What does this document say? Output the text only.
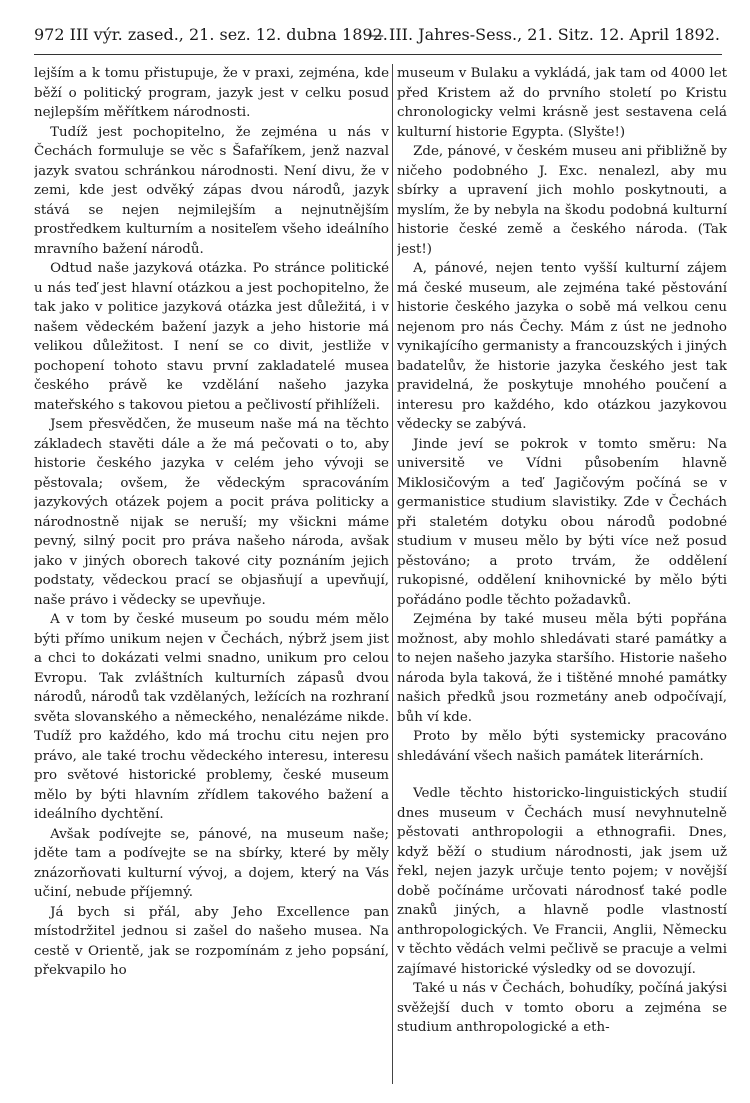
972 III výr. zased., 21. sez. 12. dubna 1892.
— III. Jahres-Sess., 21. Sitz. 12. April 1892.

lejším a k tomu přistupuje, že v praxi, zejména, kde běží o politický program, jazyk jest v celku posud nejlepším měřítkem národnosti.

Tudíž jest pochopitelno, že zejména u nás v Čechách formuluje se věc s Šafaříkem, jenž nazval jazyk svatou schránkou národnosti. Není divu, že v zemi, kde jest odvěký zápas dvou národů, jazyk stává se nejen nejmilejším a nejnutnějším prostředkem kulturním a nositeľem všeho ideálního mravního bažení národů.

Odtud naše jazyková otázka. Po stránce politické u nás teď jest hlavní otázkou a jest pochopitelno, že tak jako v politice jazyková otázka jest důležitá, i v našem vědeckém bažení jazyk a jeho historie má velikou důležitost. I není se co divit, jestliže v pochopení tohoto stavu první zakladatelé musea českého právě ke vzdělání našeho jazyka mateřského s takovou pietou a pečlivostí přihlíželi.

Jsem přesvědčen, že museum naše má na těchto základech stavěti dále a že má pečovati o to, aby historie českého jazyka v celém jeho vývoji se pěstovala; ovšem, že vědeckým spracováním jazykových otázek pojem a pocit práva politicky a národnostně nijak se neruší; my všickni máme pevný, silný pocit pro práva našeho národa, avšak jako v jiných oborech takové city poznáním jejich podstaty, vědeckou prací se objasňují a upevňují, naše právo i vědecky se upevňuje.

A v tom by české museum po soudu mém mělo býti přímo unikum nejen v Čechách, nýbrž jsem jist a chci to dokázati velmi snadno, unikum pro celou Evropu. Tak zvláštních kulturních zápasů dvou národů, národů tak vzdělaných, ležících na rozhraní světa slovanského a německého, nenalézáme nikde. Tudíž pro každého, kdo má trochu citu nejen pro právo, ale také trochu vědeckého interesu, interesu pro světové historické problemy, české museum mělo by býti hlavním zřídlem takového bažení a ideálního dychtění.

Avšak podívejte se, pánové, na museum naše; jděte tam a podívejte se na sbírky, které by měly znázorňovati kulturní vývoj, a dojem, který na Vás učiní, nebude příjemný.

Já bych si přál, aby Jeho Excellence pan místodržitel jednou si zašel do našeho musea. Na cestě v Orientě, jak se rozpomínám z jeho popsání, překvapilo ho

museum v Bulaku a vykládá, jak tam od 4000 let před Kristem až do prvního stoletı́ po Kristu chronologicky velmi krásně jest sestavena celá kulturní historie Egypta. (Slyšte!)

Zde, pánové, v českém museu ani přibližně by ničeho podobného J. Exc. nenalezl, aby mu sbírky a upravení jich mohlo poskytnouti, a myslím, že by nebyla na škodu podobná kulturní historie české země a českého národa. (Tak jest!)

A, pánové, nejen tento vyšší kulturní zájem má české museum, ale zejména také pěstování historie českého jazyka o sobě má velkou cenu nejenom pro nás Čechy. Mám z úst ne jednoho vynikajícího germanisty a francouzských i jiných badatelův, že historie jazyka českého jest tak pravidelná, že poskytuje mnohého poučení a interesu pro každého, kdo otázkou jazykovou vědecky se zabývá.

Jinde jeví se pokrok v tomto směru: Na universitě ve Vídni působením hlavně Miklosičovým a teď Jagičovým počíná se v germanistice studium slavistiky. Zde v Čechách při staletém dotyku obou národů podobné studium v museu mělo by býti více než posud pěstováno; a proto trvám, že oddělení rukopisné, oddělení knihovnické by mělo býti pořádáno podle těchto požadavků.

Zejména by také museu měla býti popřána možnost, aby mohlo shledávati staré památky a to nejen našeho jazyka staršího. Historie našeho národa byla taková, že i tištěné mnohé památky našich předků jsou rozmetány aneb odpočívají, bůh ví kde.

Proto by mělo býti systemicky pracováno shledávání všech našich památek literárních.

Vedle těchto historicko-linguistických studií dnes museum v Čechách musí nevyhnutelně pěstovati anthropologii a ethnografii. Dnes, když běží o studium národnosti, jak jsem už řekl, nejen jazyk určuje tento pojem; v novější době počínáme určovati národnosť také podle znaků jiných, a hlavně podle vlastností anthropologických. Ve Francii, Anglii, Německu v těchto vědách velmi pečlivě se pracuje a velmi zajímavé historické výsledky od se dovozují.

Také u nás v Čechách, bohudíky, počíná jakýsi svěžejší duch v tomto oboru a zejména se studium anthropologické a eth-
